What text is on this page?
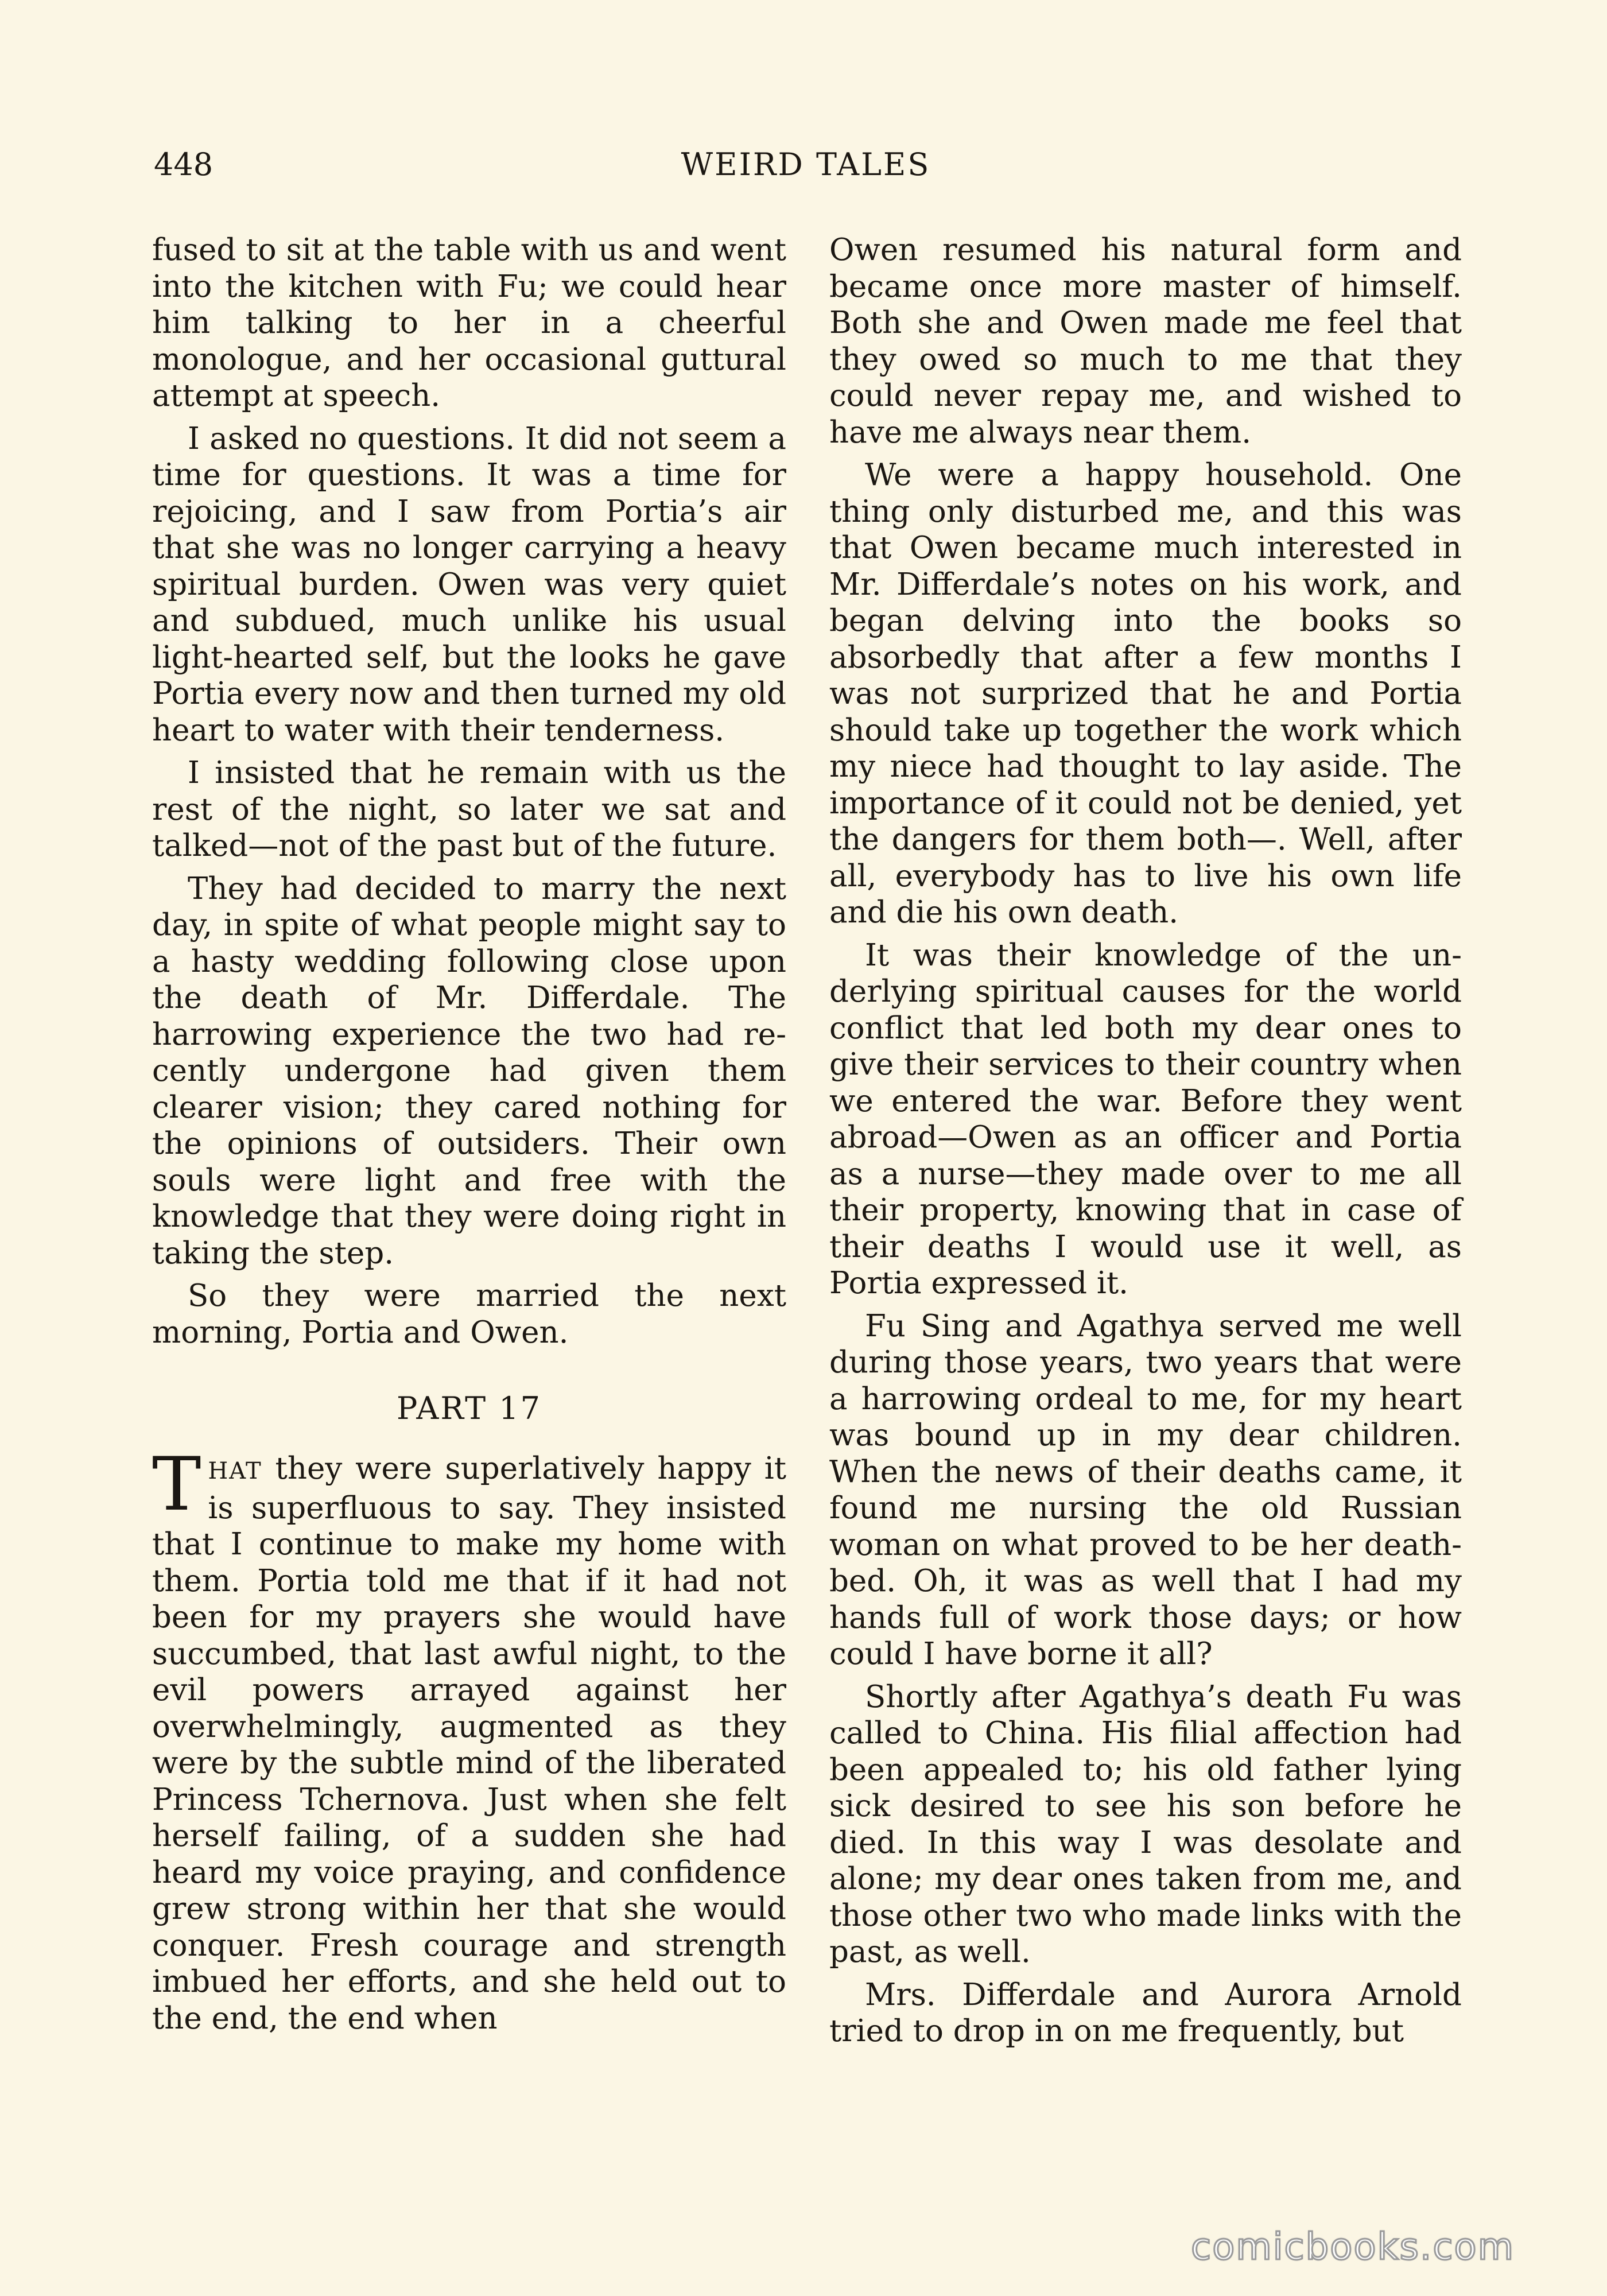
448	WEIRD TALES

fused to sit at the table with us and went into the kitchen with Fu; we could hear him talking to her in a cheerful monologue, and her occasional guttural attempt at speech.

I asked no questions. It did not seem a time for questions. It was a time for rejoicing, and I saw from Portia’s air that she was no longer carrying a heavy spiritual burden. Owen was very quiet and subdued, much unlike his usual light-hearted self, but the looks he gave Portia every now and then turned my old heart to water with their tenderness.

I insisted that he remain with us the rest of the night, so later we sat and talked—not of the past but of the future.

They had decided to marry the next day, in spite of what people might say to a hasty wedding following close upon the death of Mr. Differdale. The harrowing experience the two had recently undergone had given them clearer vision; they cared nothing for the opinions of outsiders. Their own souls were light and free with the knowledge that they were doing right in taking the step.

So they were married the next morning, Portia and Owen.

PART 17

THAT they were superlatively happy it is superfluous to say. They insisted that I continue to make my home with them. Portia told me that if it had not been for my prayers she would have succumbed, that last awful night, to the evil powers arrayed against her overwhelmingly, augmented as they were by the subtle mind of the liberated Princess Tchernova. Just when she felt herself failing, of a sudden she had heard my voice praying, and confidence grew strong within her that she would conquer. Fresh courage and strength imbued her efforts, and she held out to the end, the end when

Owen resumed his natural form and became once more master of himself. Both she and Owen made me feel that they owed so much to me that they could never repay me, and wished to have me always near them.

We were a happy household. One thing only disturbed me, and this was that Owen became much interested in Mr. Differdale’s notes on his work, and began delving into the books so absorbedly that after a few months I was not surprized that he and Portia should take up together the work which my niece had thought to lay aside. The importance of it could not be denied, yet the dangers for them both—. Well, after all, everybody has to live his own life and die his own death.

It was their knowledge of the underlying spiritual causes for the world conflict that led both my dear ones to give their services to their country when we entered the war. Before they went abroad—Owen as an officer and Portia as a nurse—they made over to me all their property, knowing that in case of their deaths I would use it well, as Portia expressed it.

Fu Sing and Agathya served me well during those years, two years that were a harrowing ordeal to me, for my heart was bound up in my dear children. When the news of their deaths came, it found me nursing the old Russian woman on what proved to be her death-bed. Oh, it was as well that I had my hands full of work those days; or how could I have borne it all?

Shortly after Agathya’s death Fu was called to China. His filial affection had been appealed to; his old father lying sick desired to see his son before he died. In this way I was desolate and alone; my dear ones taken from me, and those other two who made links with the past, as well.

Mrs. Differdale and Aurora Arnold tried to drop in on me frequently, but

comicbooks.com
